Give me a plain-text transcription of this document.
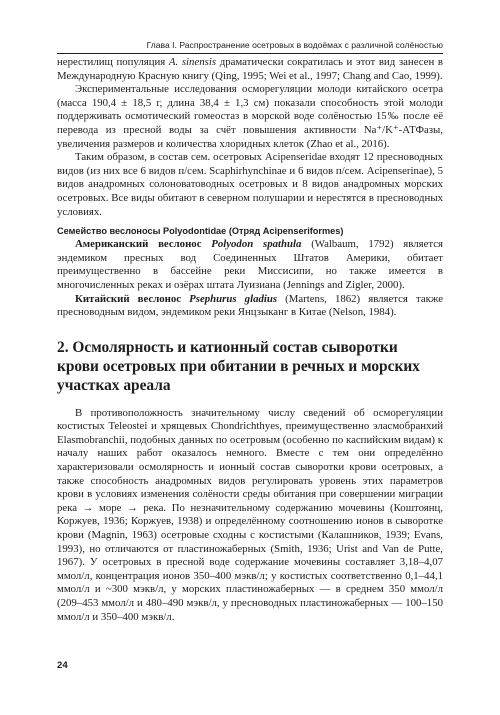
Глава I. Распространение осетровых в водоёмах с различной солёностью

нерестилищ популяция A. sinensis драматически сократилась и этот вид занесен в Международную Красную книгу (Qing, 1995; Wei et al., 1997; Chang and Cao, 1999).

Экспериментальные исследования осморегуляции молоди китайского осетра (масса 190,4 ± 18,5 г, длина 38,4 ± 1,3 см) показали способность этой молоди поддерживать осмотический гомеостаз в морской воде солёностью 15‰ после её перевода из пресной воды за счёт повышения активности Na⁺/K⁺-АТФазы, увеличения размеров и количества хлоридных клеток (Zhao et al., 2016).

Таким образом, в состав сем. осетровых Acipenseridae входят 12 пресноводных видов (из них все 6 видов п/сем. Scaphirhynchinae и 6 видов п/сем. Acipenserinae), 5 видов анадромных солоноватоводных осетровых и 8 видов анадромных морских осетровых. Все виды обитают в северном полушарии и нерестятся в пресноводных условиях.

Семейство веслоносы Polyodontidae (Отряд Acipenseriformes)

Американский веслонос Polyodon spathula (Walbaum, 1792) является эндемиком пресных вод Соединенных Штатов Америки, обитает преимущественно в бассейне реки Миссисипи, но также имеется в многочисленных реках и озёрах штата Луизиана (Jennings and Zigler, 2000).

Китайский веслонос Psephurus gladius (Martens, 1862) является также пресноводным видом, эндемиком реки Янцзыканг в Китае (Nelson, 1984).

2. Осмолярность и катионный состав сыворотки крови осетровых при обитании в речных и морских участках ареала

В противоположность значительному числу сведений об осморегуляции костистых Teleostei и хрящевых Chondrichthyes, преимущественно эласмобранхий Elasmobranchii, подобных данных по осетровым (особенно по каспийским видам) к началу наших работ оказалось немного. Вместе с тем они определённо характеризовали осмолярность и ионный состав сыворотки крови осетровых, а также способность анадромных видов регулировать уровень этих параметров крови в условиях изменения солёности среды обитания при совершении миграции река → море → река. По незначительному содержанию мочевины (Коштоянц, Коржуев, 1936; Коржуев, 1938) и определённому соотношению ионов в сыворотке крови (Magnin, 1963) осетровые сходны с костистыми (Калашников, 1939; Evans, 1993), но отличаются от пластиножаберных (Smith, 1936; Urist and Van de Putte, 1967). У осетровых в пресной воде содержание мочевины составляет 3,18–4,07 ммол/л, концентрация ионов 350–400 мэкв/л; у костистых соответственно 0,1–44,1 ммол/л и ~300 мэкв/л, у морских пластиножаберных — в среднем 350 ммол/л (209–453 ммол/л и 480–490 мэкв/л, у пресноводных пластиножаберных — 100–150 ммол/л и 350–400 мэкв/л.

24
